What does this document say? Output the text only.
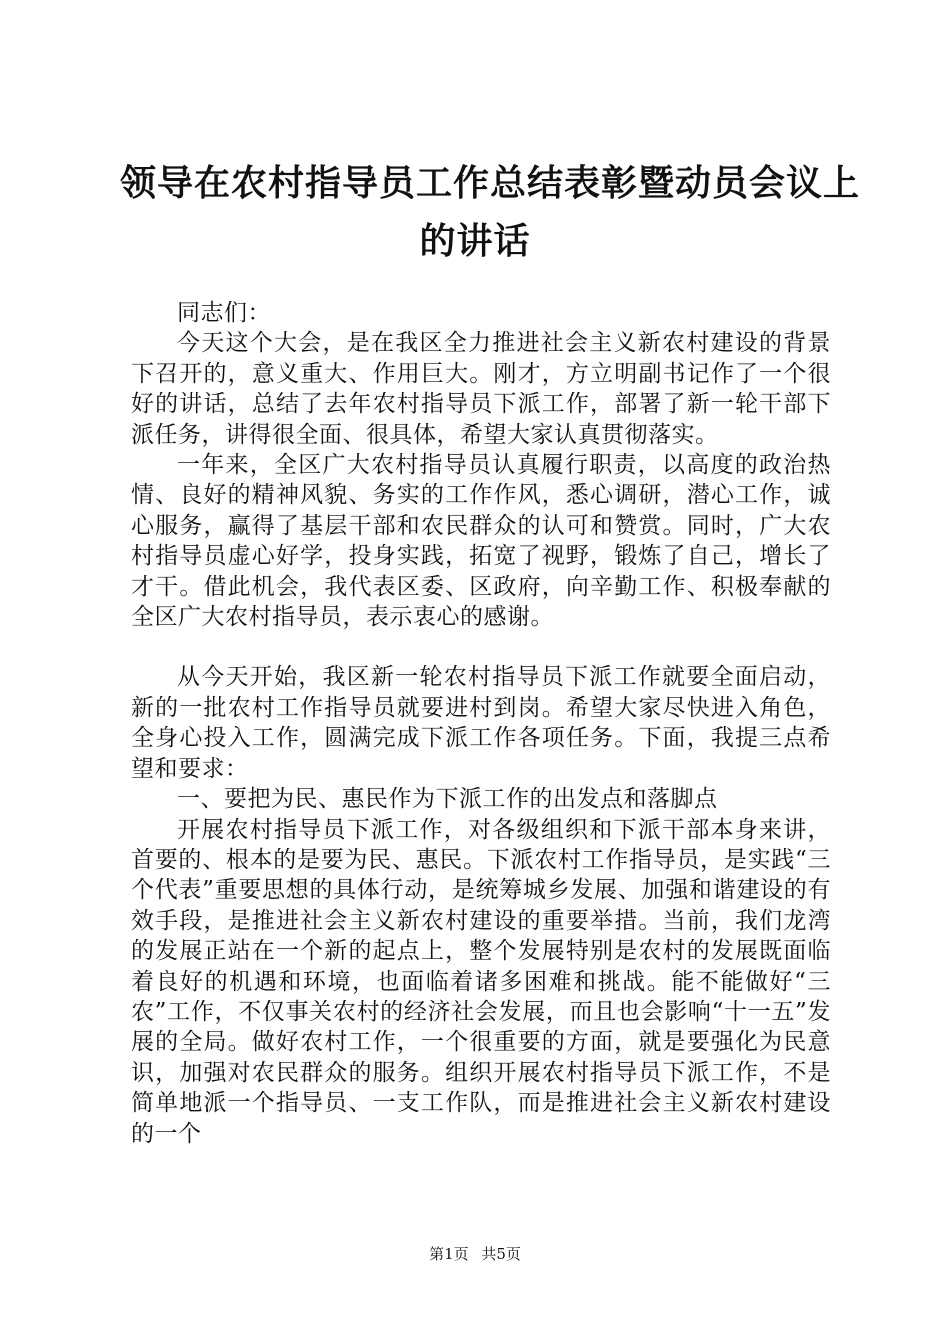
领导在农村指导员工作总结表彰暨动员会议上
的讲话

同志们：

今天这个大会，是在我区全力推进社会主义新农村建设的背景下召开的，意义重大、作用巨大。刚才，方立明副书记作了一个很好的讲话，总结了去年农村指导员下派工作，部署了新一轮干部下派任务，讲得很全面、很具体，希望大家认真贯彻落实。

一年来，全区广大农村指导员认真履行职责，以高度的政治热情、良好的精神风貌、务实的工作作风，悉心调研，潜心工作，诚心服务，赢得了基层干部和农民群众的认可和赞赏。同时，广大农村指导员虚心好学，投身实践，拓宽了视野，锻炼了自己，增长了才干。借此机会，我代表区委、区政府，向辛勤工作、积极奉献的全区广大农村指导员，表示衷心的感谢。

从今天开始，我区新一轮农村指导员下派工作就要全面启动，新的一批农村工作指导员就要进村到岗。希望大家尽快进入角色，全身心投入工作，圆满完成下派工作各项任务。下面，我提三点希望和要求：

一、要把为民、惠民作为下派工作的出发点和落脚点

开展农村指导员下派工作，对各级组织和下派干部本身来讲，首要的、根本的是要为民、惠民。下派农村工作指导员，是实践“三个代表”重要思想的具体行动，是统筹城乡发展、加强和谐建设的有效手段，是推进社会主义新农村建设的重要举措。当前，我们龙湾的发展正站在一个新的起点上，整个发展特别是农村的发展既面临着良好的机遇和环境，也面临着诸多困难和挑战。能不能做好“三农”工作，不仅事关农村的经济社会发展，而且也会影响“十一五”发展的全局。做好农村工作，一个很重要的方面，就是要强化为民意识，加强对农民群众的服务。组织开展农村指导员下派工作，不是简单地派一个指导员、一支工作队，而是推进社会主义新农村建设的一个

第1页 共5页
